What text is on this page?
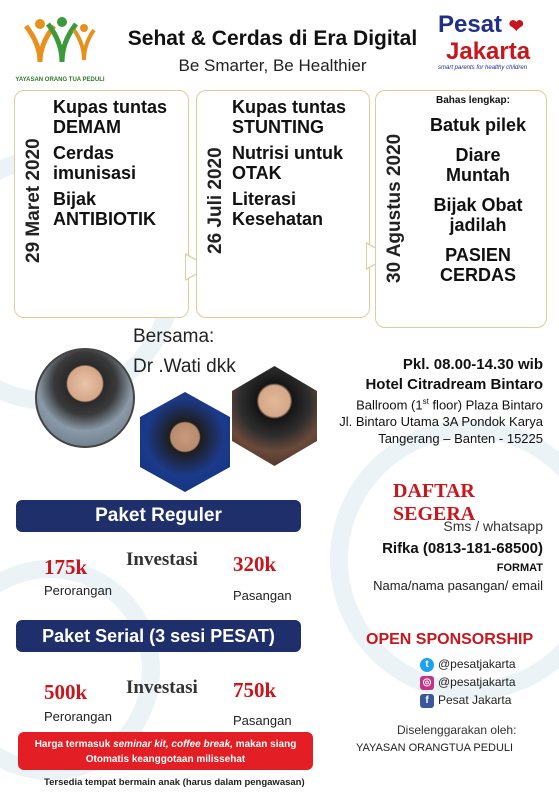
YAYASAN ORANG TUA PEDULI
Sehat & Cerdas di Era Digital
Be Smarter, Be Healthier
Pesat ❤
Jakarta
smart parents for healthy children
29 Maret 2020
Kupas tuntas DEMAM
Cerdas imunisasi
Bijak ANTIBIOTIK	26 Juli 2020
Kupas tuntas STUNTING
Nutrisi untuk OTAK
Literasi Kesehatan	30 Agustus 2020
Bahas lengkap:
Batuk pilek
Diare Muntah
Bijak Obat jadilah
PASIEN CERDAS
Bersama:
Dr .Wati dkk	Pkl. 08.00-14.30 wib
Hotel Citradream Bintaro
Ballroom (1st floor) Plaza Bintaro
Jl. Bintaro Utama 3A Pondok Karya
Tangerang – Banten - 15225
DAFTAR SEGERA
Sms / whatsapp
Rifka (0813-181-68500)
FORMAT
Nama/nama pasangan/ email
Paket Reguler
175k
Perorangan
Investasi 320k
Pasangan
Paket Serial (3 sesi PESAT)
500k
Perorangan
Investasi 750k
Pasangan
Harga termasuk seminar kit, coffee break, makan siang
Otomatis keanggotaan milissehat
Tersedia tempat bermain anak (harus dalam pengawasan)
OPEN SPONSORSHIP
t @pesatjakarta
◎ @pesatjakarta
f Pesat Jakarta
Diselenggarakan oleh:
YAYASAN ORANGTUA PEDULI
